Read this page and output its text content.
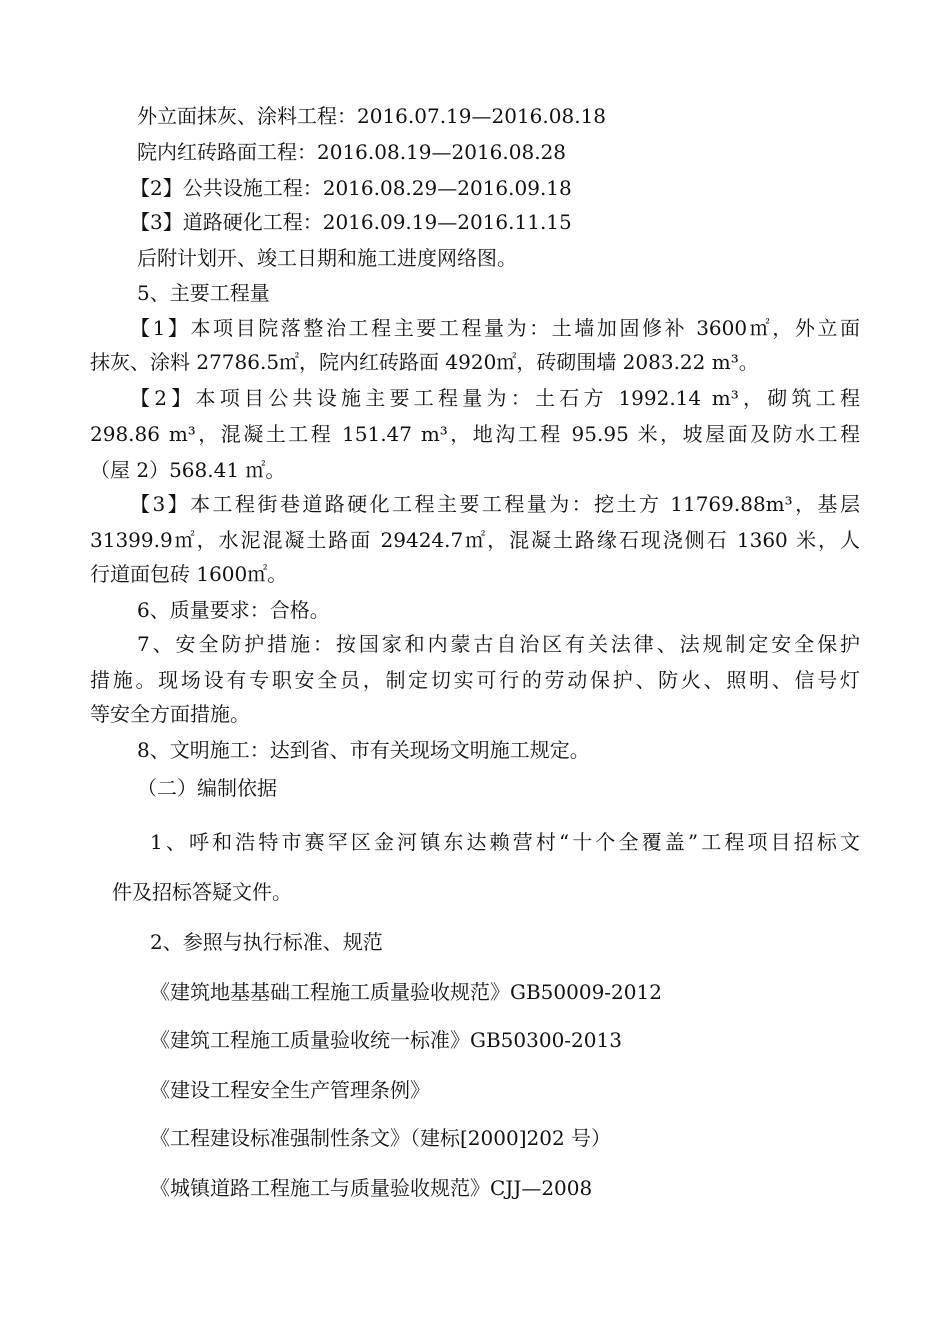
外立面抹灰、涂料工程：2016.07.19—2016.08.18
院内红砖路面工程：2016.08.19—2016.08.28
【2】公共设施工程：2016.08.29—2016.09.18
【3】道路硬化工程：2016.09.19—2016.11.15
后附计划开、竣工日期和施工进度网络图。
5、主要工程量
【1】本项目院落整治工程主要工程量为：土墙加固修补 3600㎡，外立面
抹灰、涂料 27786.5㎡，院内红砖路面 4920㎡，砖砌围墙 2083.22 m³。
【2】本项目公共设施主要工程量为：土石方 1992.14 m³，砌筑工程
298.86 m³，混凝土工程 151.47 m³，地沟工程 95.95 米，坡屋面及防水工程
（屋 2）568.41 ㎡。
【3】本工程街巷道路硬化工程主要工程量为：挖土方 11769.88m³，基层
31399.9㎡，水泥混凝土路面 29424.7㎡，混凝土路缘石现浇侧石 1360 米，人
行道面包砖 1600㎡。
6、质量要求：合格。
7、安全防护措施：按国家和内蒙古自治区有关法律、法规制定安全保护
措施。现场设有专职安全员，制定切实可行的劳动保护、防火、照明、信号灯
等安全方面措施。
8、文明施工：达到省、市有关现场文明施工规定。
（二）编制依据
1、呼和浩特市赛罕区金河镇东达赖营村“十个全覆盖”工程项目招标文
件及招标答疑文件。
2、参照与执行标准、规范
《建筑地基基础工程施工质量验收规范》GB50009-2012
《建筑工程施工质量验收统一标准》GB50300-2013
《建设工程安全生产管理条例》
《工程建设标准强制性条文》（建标[2000]202 号）
《城镇道路工程施工与质量验收规范》CJJ—2008
